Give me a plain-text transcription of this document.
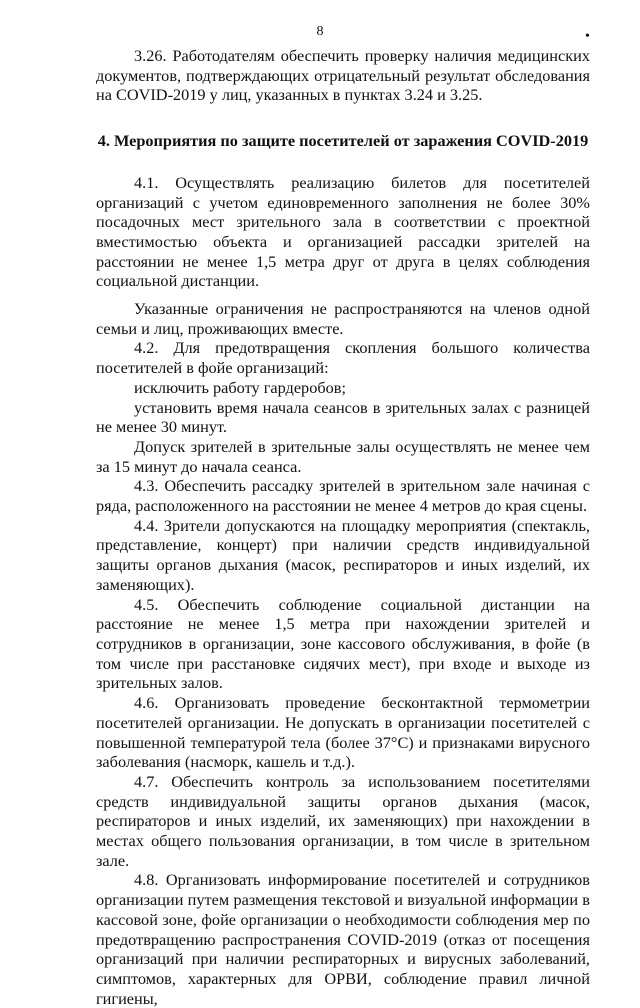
8	•

3.26. Работодателям обеспечить проверку наличия медицинских документов, подтверждающих отрицательный результат обследования на COVID-2019 у лиц, указанных в пунктах 3.24 и 3.25.

4. Мероприятия по защите посетителей от заражения COVID-2019

4.1. Осуществлять реализацию билетов для посетителей организаций с учетом единовременного заполнения не более 30% посадочных мест зрительного зала в соответствии с проектной вместимостью объекта и организацией рассадки зрителей на расстоянии не менее 1,5 метра друг от друга в целях соблюдения социальной дистанции.

Указанные ограничения не распространяются на членов одной семьи и лиц, проживающих вместе.

4.2. Для предотвращения скопления большого количества посетителей в фойе организаций:

исключить работу гардеробов;

установить время начала сеансов в зрительных залах с разницей не менее 30 минут.

Допуск зрителей в зрительные залы осуществлять не менее чем за 15 минут до начала сеанса.

4.3. Обеспечить рассадку зрителей в зрительном зале начиная с ряда, расположенного на расстоянии не менее 4 метров до края сцены.

4.4. Зрители допускаются на площадку мероприятия (спектакль, представление, концерт) при наличии средств индивидуальной защиты органов дыхания (масок, респираторов и иных изделий, их заменяющих).

4.5. Обеспечить соблюдение социальной дистанции на расстояние не менее 1,5 метра при нахождении зрителей и сотрудников в организации, зоне кассового обслуживания, в фойе (в том числе при расстановке сидячих мест), при входе и выходе из зрительных залов.

4.6. Организовать проведение бесконтактной термометрии посетителей организации. Не допускать в организации посетителей с повышенной температурой тела (более 37°С) и признаками вирусного заболевания (насморк, кашель и т.д.).

4.7. Обеспечить контроль за использованием посетителями средств индивидуальной защиты органов дыхания (масок, респираторов и иных изделий, их заменяющих) при нахождении в местах общего пользования организации, в том числе в зрительном зале.

4.8. Организовать информирование посетителей и сотрудников организации путем размещения текстовой и визуальной информации в кассовой зоне, фойе организации о необходимости соблюдения мер по предотвращению распространения COVID-2019 (отказ от посещения организаций при наличии респираторных и вирусных заболеваний, симптомов, характерных для ОРВИ, соблюдение правил личной гигиены,
